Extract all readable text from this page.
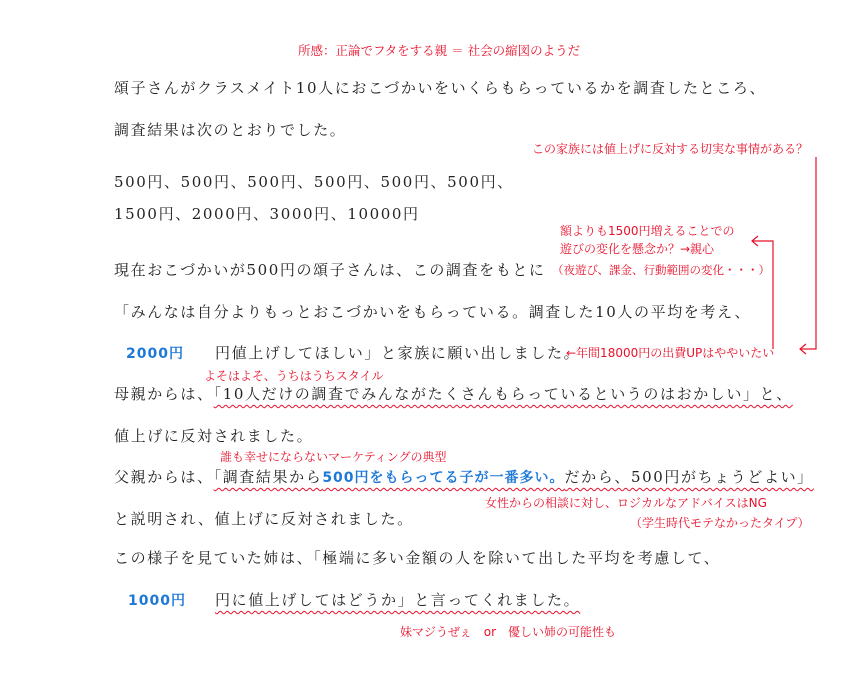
所感：正論でフタをする親 ＝ 社会の縮図のようだ
頌子さんがクラスメイト10人におこづかいをいくらもらっているかを調査したところ、
調査結果は次のとおりでした。
500円、500円、500円、500円、500円、500円、
1500円、2000円、3000円、10000円
現在おこづかいが500円の頌子さんは、この調査をもとに
「みんなは自分よりもっとおこづかいをもらっている。調査した10人の平均を考え、
2000円 円値上げしてほしい」と家族に願い出しました。
母親からは、「10人だけの調査でみんながたくさんもらっているというのはおかしい」と、
値上げに反対されました。
父親からは、「調査結果から500円をもらってる子が一番多い。だから、500円がちょうどよい」
と説明され、値上げに反対されました。
この様子を見ていた姉は、「極端に多い金額の人を除いて出した平均を考慮して、
1000円 円に値上げしてはどうか」と言ってくれました。
この家族には値上げに反対する切実な事情がある？
額よりも1500円増えることでの
遊びの変化を懸念か？→親心
（夜遊び、課金、行動範囲の変化・・・）
←年間18000円の出費UPはややいたい
よそはよそ、うちはうちスタイル
誰も幸せにならないマーケティングの典型
女性からの相談に対し、ロジカルなアドバイスはNG
（学生時代モテなかったタイプ）
妹マジうぜぇ　or　優しい姉の可能性も
